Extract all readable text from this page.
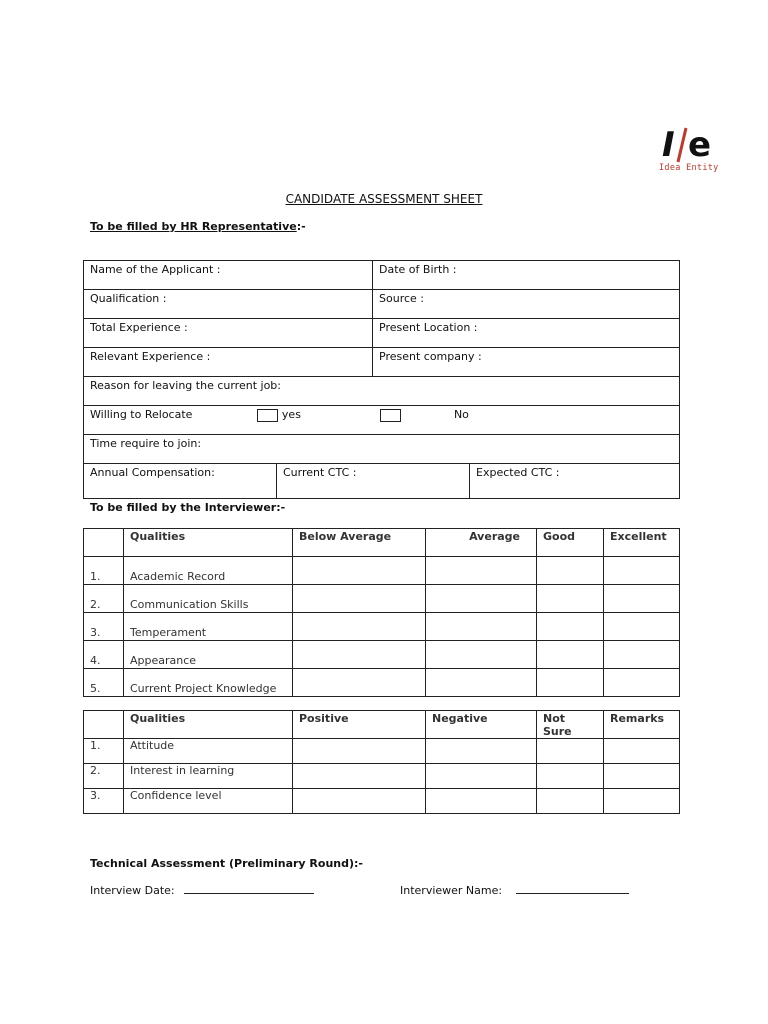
I e
Idea Entity
CANDIDATE ASSESSMENT SHEET
To be filled by HR Representative:-
Name of the Applicant :		Date of Birth :	
Qualification :		Source :	
Total Experience :		Present Location :	
Relevant Experience :		Present company :	
Reason for leaving the current job:			
Willing to Relocate yes No			
Time require to join:			
Annual Compensation:	Current CTC :		Expected CTC :
To be filled by the Interviewer:-
	Qualities	Below Average	Average	Good	Excellent
1.	Academic Record				
2.	Communication Skills				
3.	Temperament				
4.	Appearance				
5.	Current Project Knowledge				
	Qualities	Positive	Negative	Not Sure	Remarks
1.	Attitude				
2.	Interest in learning				
3.	Confidence level				
Technical Assessment (Preliminary Round):-
Interview Date:	Interviewer Name:
